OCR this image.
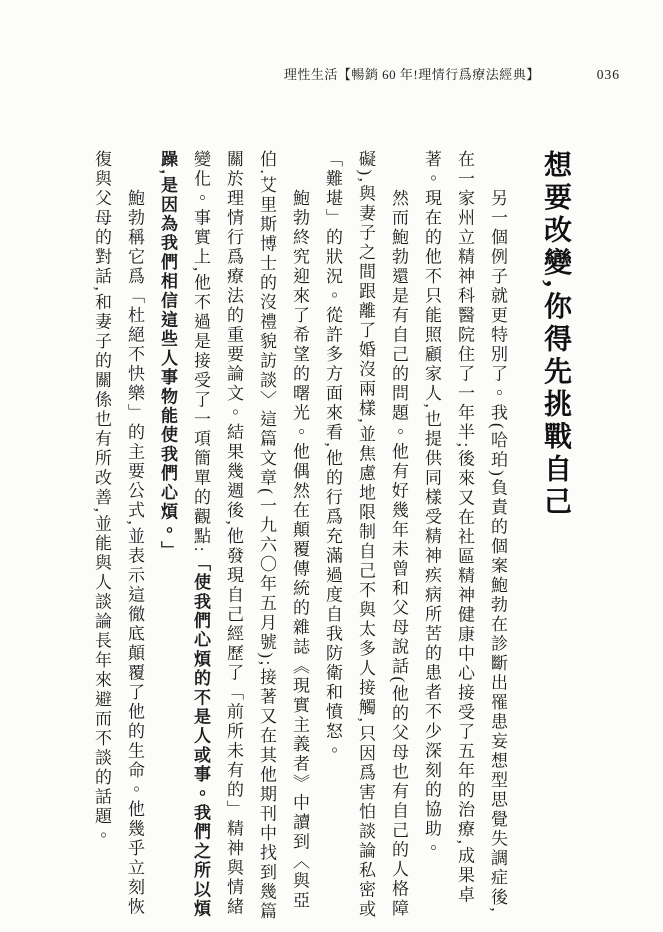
理性生活【暢銷 60 年!理情行爲療法經典】	036
想要改變,你得先挑戰自己

另一個例子就更特別了。我(哈珀)負責的個案鮑勃在診斷出罹患妄想型思覺失調症後,在一家州立精神科醫院住了一年半;後來又在社區精神健康中心接受了五年的治療,成果卓著。現在的他不只能照顧家人,也提供同樣受精神疾病所苦的患者不少深刻的協助。

然而鮑勃還是有自己的問題。他有好幾年未曾和父母說話(他的父母也有自己的人格障礙),與妻子之間跟離了婚沒兩樣,並焦慮地限制自己不與太多人接觸,只因爲害怕談論私密或「難堪」的狀況。從許多方面來看,他的行爲充滿過度自我防衛和憤怒。

鮑勃終究迎來了希望的曙光。他偶然在顛覆傳統的雜誌《現實主義者》中讀到〈與亞伯.艾里斯博士的沒禮貌訪談〉這篇文章(一九六〇年五月號);接著又在其他期刊中找到幾篇關於理情行爲療法的重要論文。結果幾週後,他發現自己經歷了「前所未有的」精神與情緒變化。事實上,他不過是接受了一項簡單的觀點:「使我們心煩的不是人或事。我們之所以煩躁,是因為我們相信這些人事物能使我們心煩。」

鮑勃稱它爲「杜絕不快樂」的主要公式,並表示這徹底顛覆了他的生命。他幾乎立刻恢復與父母的對話,和妻子的關係也有所改善,並能與人談論長年來避而不談的話題。
